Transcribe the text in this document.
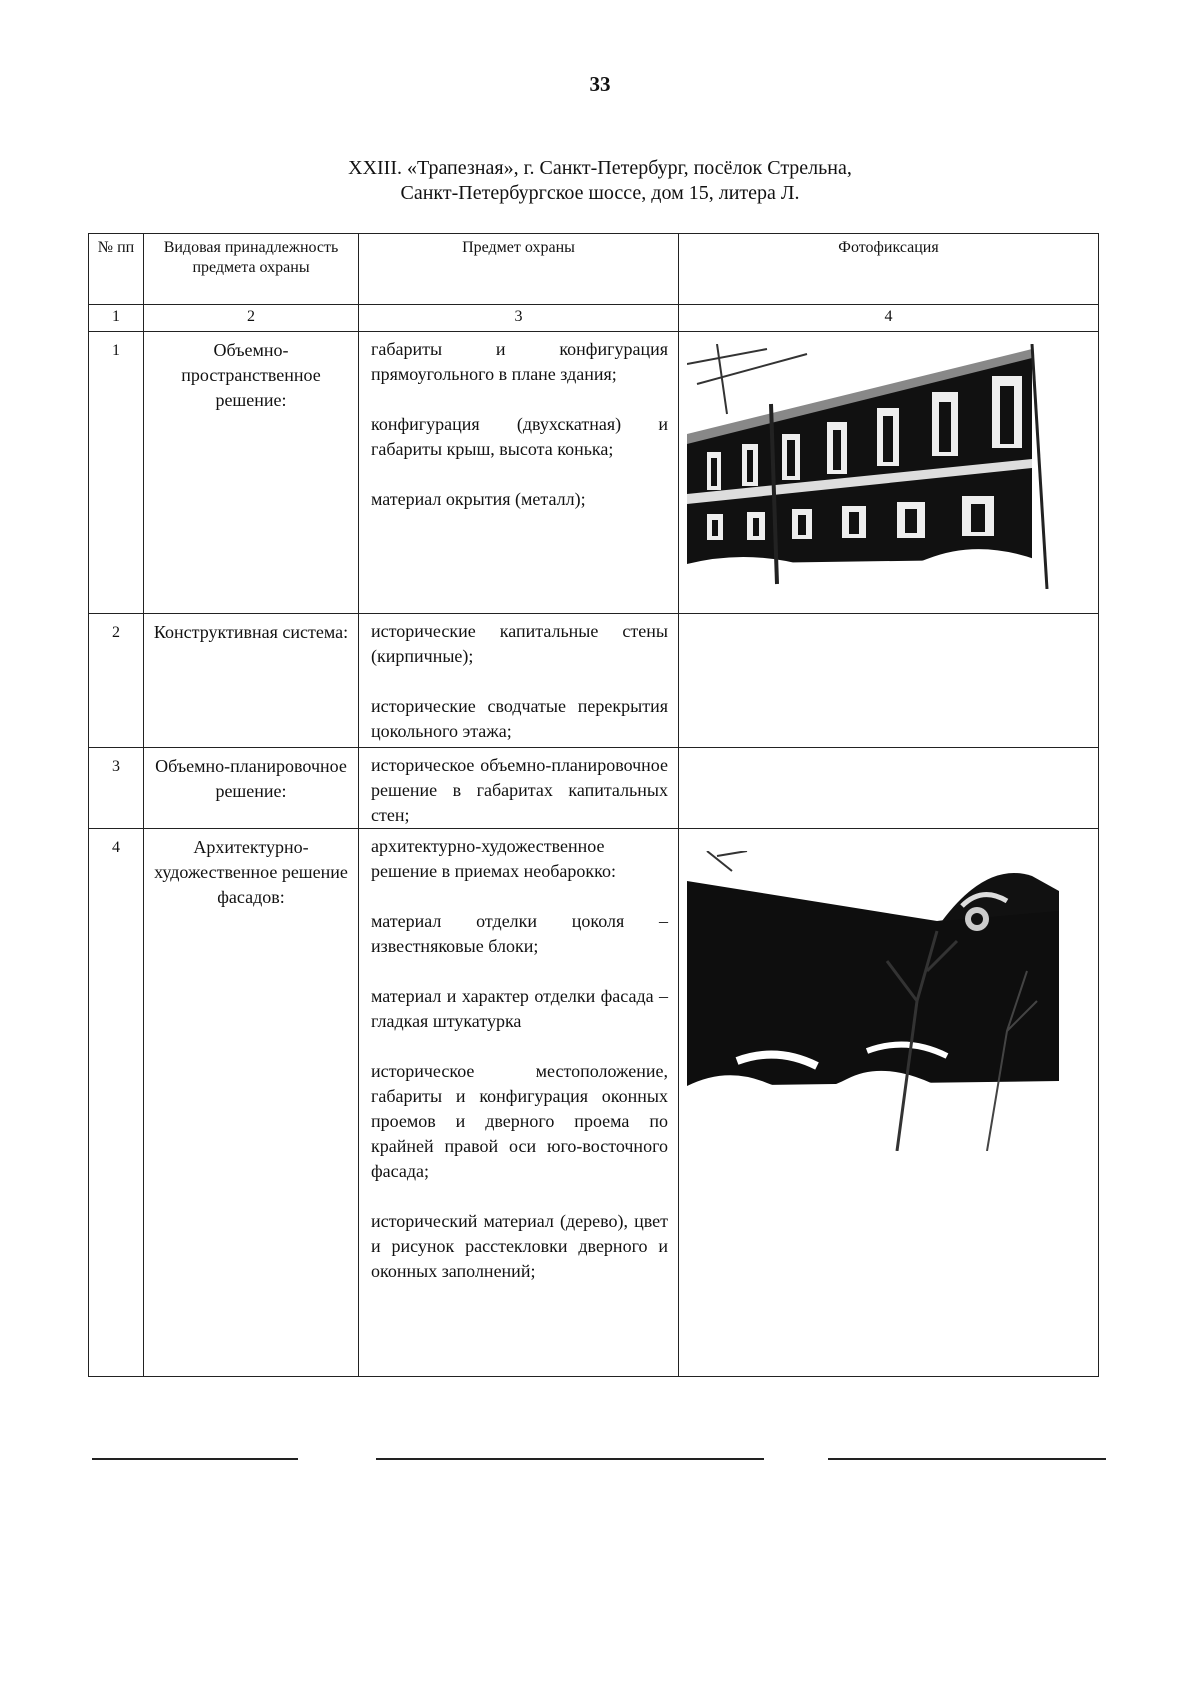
33
XXIII. «Трапезная», г. Санкт-Петербург, посёлок Стрельна,
Санкт-Петербургское шоссе, дом 15, литера Л.
№ пп	Видовая принадлежность предмета охраны	Предмет охраны	Фотофиксация
1	2	3	4
1	Объемно-пространственное решение:	габариты и конфигурация прямоугольного в плане здания;

конфигурация (двухскатная) и габариты крыш, высота конька;

материал окрытия (металл);

2	Конструктивная система:	исторические капитальные стены (кирпичные);

исторические сводчатые перекрытия цокольного этажа;	

3	Объемно-планировочное решение:	историческое объемно-планировочное решение в габаритах капитальных стен;	

4	Архитектурно-художественное решение фасадов:	архитектурно-художественное решение в приемах необарокко:

материал отделки цоколя – известняковые блоки;

материал и характер отделки фасада – гладкая штукатурка

историческое местоположение, габариты и конфигурация оконных проемов и дверного проема по крайней правой оси юго-восточного фасада;

исторический материал (дерево), цвет и рисунок расстекловки дверного и оконных заполнений;
